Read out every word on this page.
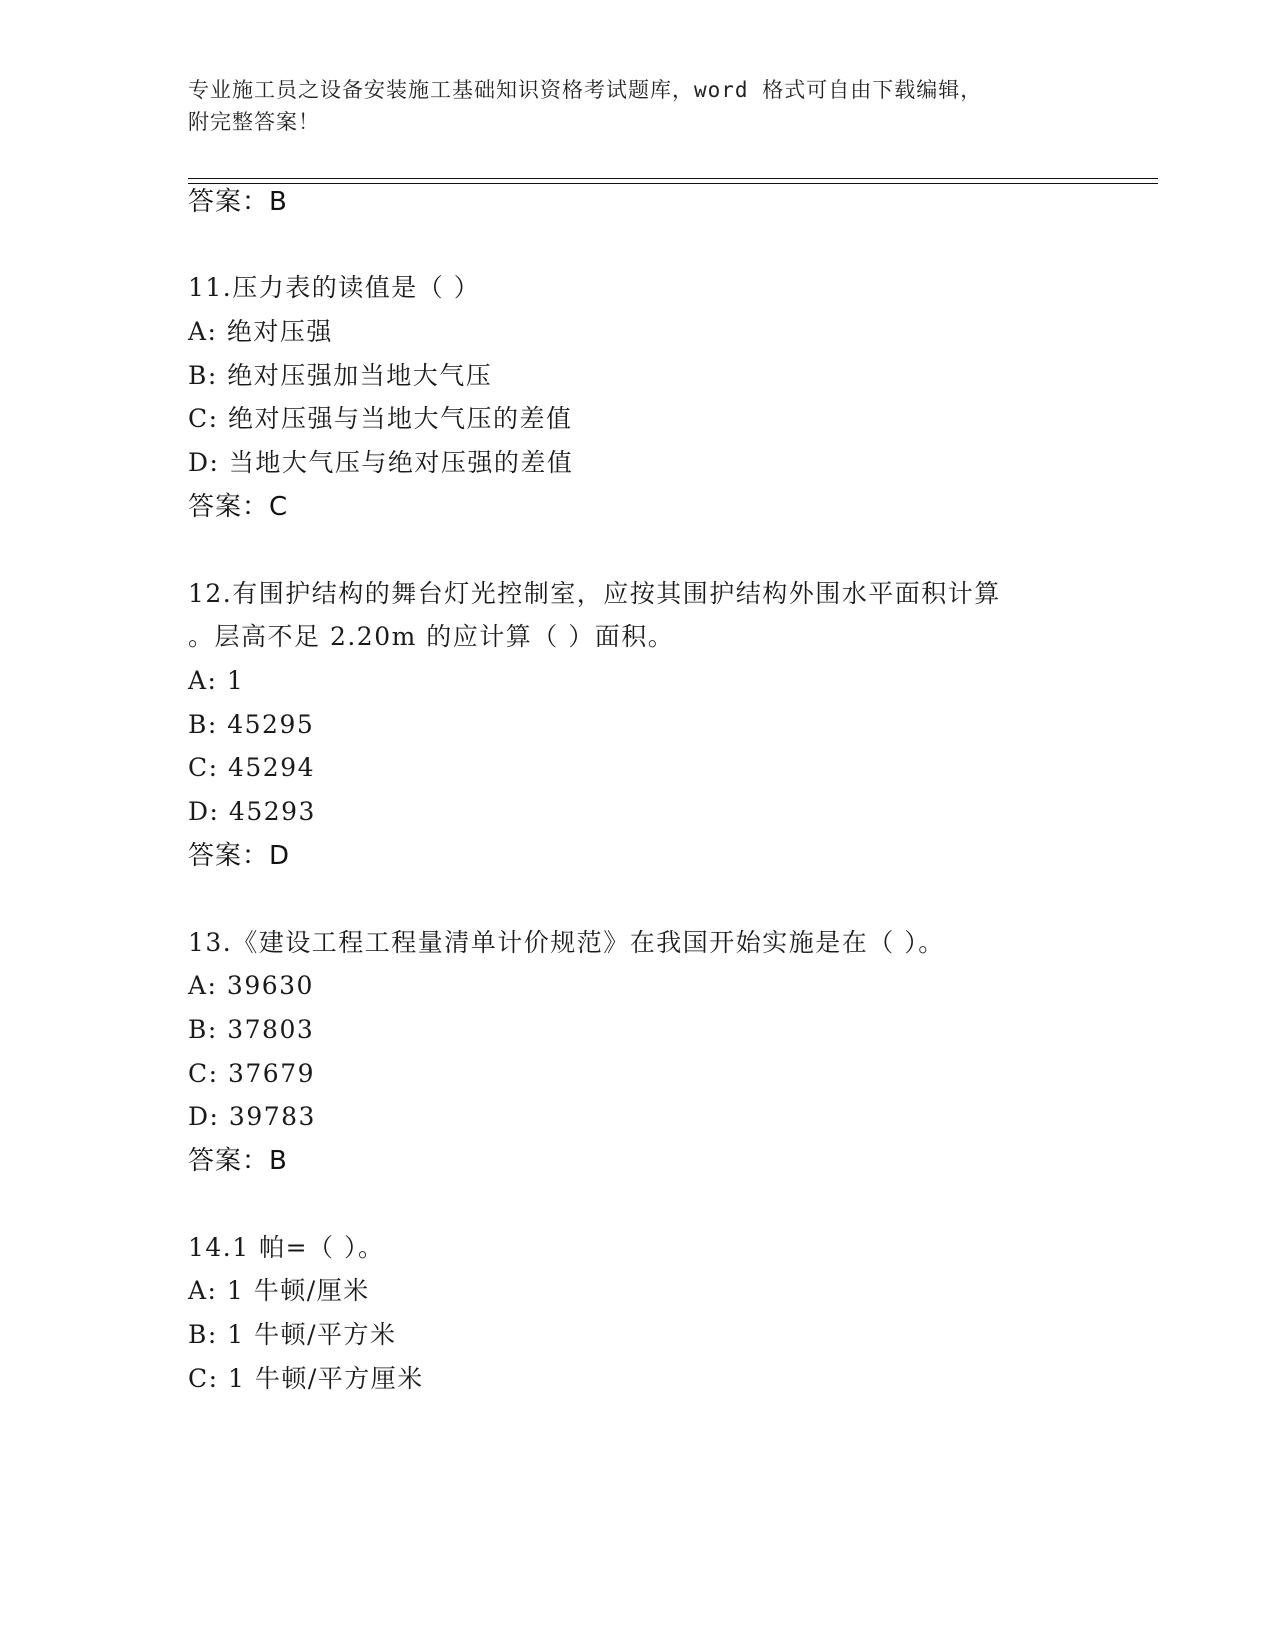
专业施工员之设备安装施工基础知识资格考试题库，word 格式可自由下载编辑，
附完整答案！
答案：B
11.压力表的读值是（ ）
A: 绝对压强
B: 绝对压强加当地大气压
C: 绝对压强与当地大气压的差值
D: 当地大气压与绝对压强的差值
答案：C
12.有围护结构的舞台灯光控制室，应按其围护结构外围水平面积计算
。层高不足 2.20m 的应计算（ ）面积。
A: 1
B: 45295
C: 45294
D: 45293
答案：D
13.《建设工程工程量清单计价规范》在我国开始实施是在（ ）。
A: 39630
B: 37803
C: 37679
D: 39783
答案：B
14.1 帕=（ ）。
A: 1 牛顿/厘米
B: 1 牛顿/平方米
C: 1 牛顿/平方厘米
